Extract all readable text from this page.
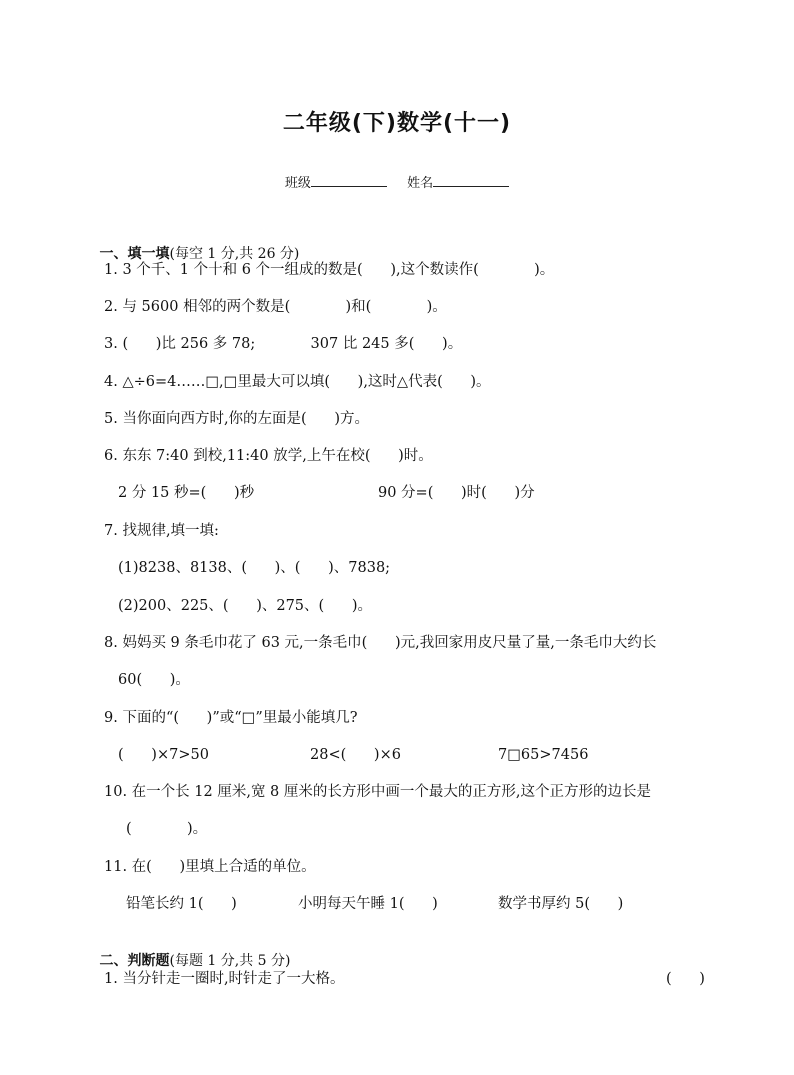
二年级(下)数学(十一)
班级	姓名

一、填一填(每空 1 分,共 26 分)

1. 3 个千、1 个十和 6 个一组成的数是(      ),这个数读作(            )。
2. 与 5600 相邻的两个数是(            )和(            )。
3. (      )比 256 多 78;            307 比 245 多(      )。
4. △÷6=4……□,□里最大可以填(      ),这时△代表(      )。
5. 当你面向西方时,你的左面是(      )方。
6. 东东 7:40 到校,11:40 放学,上午在校(      )时。
2 分 15 秒=(      )秒	90 分=(      )时(      )分
7. 找规律,填一填:
(1)8238、8138、(      )、(      )、7838;
(2)200、225、(      )、275、(      )。
8. 妈妈买 9 条毛巾花了 63 元,一条毛巾(      )元,我回家用皮尺量了量,一条毛巾大约长
60(      )。
9. 下面的“(      )”或“□”里最小能填几?
(      )×7>50	28<(      )×6	7□65>7456
10. 在一个长 12 厘米,宽 8 厘米的长方形中画一个最大的正方形,这个正方形的边长是
(            )。
11. 在(      )里填上合适的单位。
铅笔长约 1(      )	小明每天午睡 1(      )	数学书厚约 5(      )

二、判断题(每题 1 分,共 5 分)

1. 当分针走一圈时,时针走了一大格。	(      )
